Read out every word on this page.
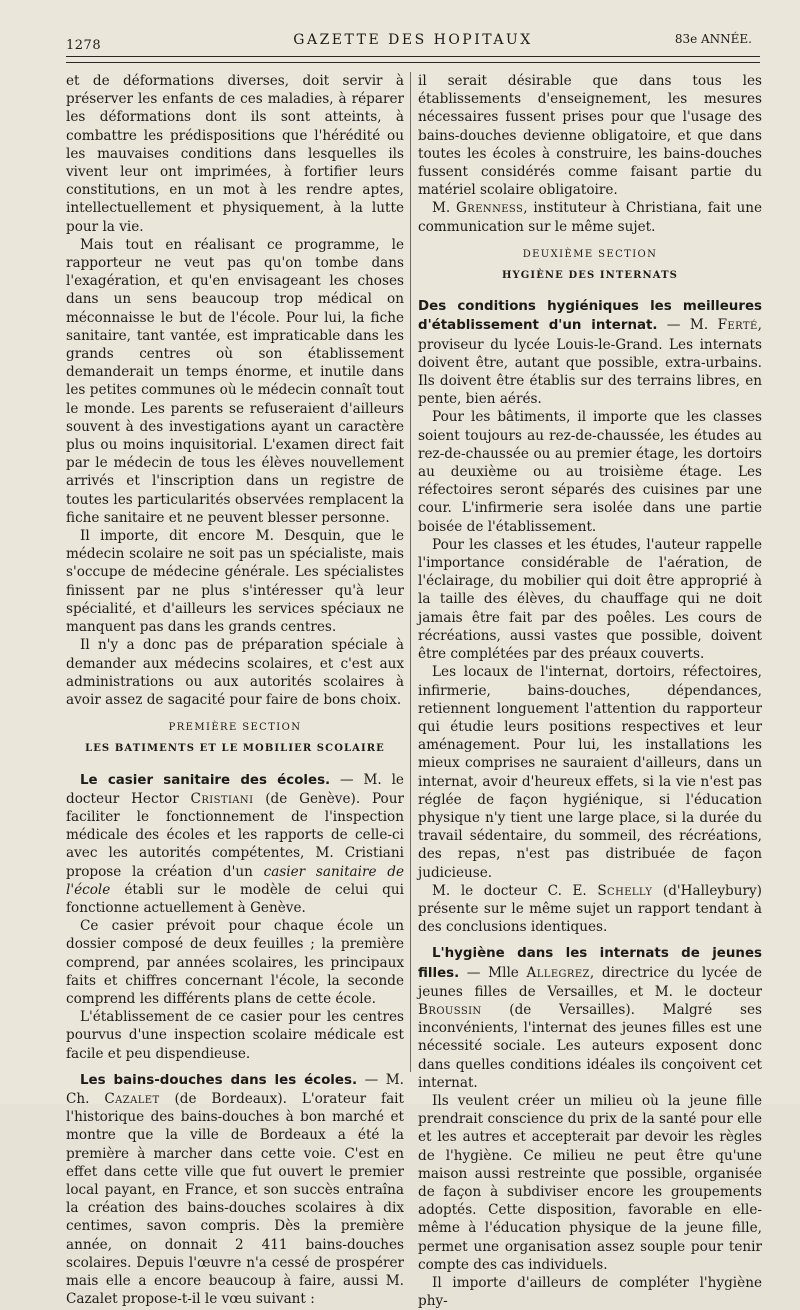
1278	GAZETTE DES HOPITAUX	83e ANNÉE.

et de déformations diverses, doit servir à préserver les enfants de ces maladies, à réparer les déformations dont ils sont atteints, à combattre les prédispositions que l'hérédité ou les mauvaises conditions dans lesquelles ils vivent leur ont imprimées, à fortifier leurs constitutions, en un mot à les rendre aptes, intellectuellement et physiquement, à la lutte pour la vie.

Mais tout en réalisant ce programme, le rapporteur ne veut pas qu'on tombe dans l'exagération, et qu'en envisageant les choses dans un sens beaucoup trop médical on méconnaisse le but de l'école. Pour lui, la fiche sanitaire, tant vantée, est impraticable dans les grands centres où son établissement demanderait un temps énorme, et inutile dans les petites communes où le médecin connaît tout le monde. Les parents se refuseraient d'ailleurs souvent à des investigations ayant un caractère plus ou moins inquisitorial. L'examen direct fait par le médecin de tous les élèves nouvellement arrivés et l'inscription dans un registre de toutes les particularités observées remplacent la fiche sanitaire et ne peuvent blesser personne.

Il importe, dit encore M. Desquin, que le médecin scolaire ne soit pas un spécialiste, mais s'occupe de médecine générale. Les spécialistes finissent par ne plus s'intéresser qu'à leur spécialité, et d'ailleurs les services spéciaux ne manquent pas dans les grands centres.

Il n'y a donc pas de préparation spéciale à demander aux médecins scolaires, et c'est aux administrations ou aux autorités scolaires à avoir assez de sagacité pour faire de bons choix.

PREMIÈRE SECTION
LES BATIMENTS ET LE MOBILIER SCOLAIRE

Le casier sanitaire des écoles. — M. le docteur Hector Cristiani (de Genève). Pour faciliter le fonctionnement de l'inspection médicale des écoles et les rapports de celle-ci avec les autorités compétentes, M. Cristiani propose la création d'un casier sanitaire de l'école établi sur le modèle de celui qui fonctionne actuellement à Genève.

Ce casier prévoit pour chaque école un dossier composé de deux feuilles ; la première comprend, par années scolaires, les principaux faits et chiffres concernant l'école, la seconde comprend les différents plans de cette école.

L'établissement de ce casier pour les centres pourvus d'une inspection scolaire médicale est facile et peu dispendieuse.

Les bains-douches dans les écoles. — M. Ch. Cazalet (de Bordeaux). L'orateur fait l'historique des bains-douches à bon marché et montre que la ville de Bordeaux a été la première à marcher dans cette voie. C'est en effet dans cette ville que fut ouvert le premier local payant, en France, et son succès entraîna la création des bains-douches scolaires à dix centimes, savon compris. Dès la première année, on donnait 2 411 bains-douches scolaires. Depuis l'œuvre n'a cessé de prospérer mais elle a encore beaucoup à faire, aussi M. Cazalet propose-t-il le vœu suivant :

il serait désirable que dans tous les établissements d'enseignement, les mesures nécessaires fussent prises pour que l'usage des bains-douches devienne obligatoire, et que dans toutes les écoles à construire, les bains-douches fussent considérés comme faisant partie du matériel scolaire obligatoire.

M. Grenness, instituteur à Christiana, fait une communication sur le même sujet.

DEUXIÈME SECTION
HYGIÈNE DES INTERNATS

Des conditions hygiéniques les meilleures d'établissement d'un internat. — M. Ferté, proviseur du lycée Louis-le-Grand. Les internats doivent être, autant que possible, extra-urbains. Ils doivent être établis sur des terrains libres, en pente, bien aérés.

Pour les bâtiments, il importe que les classes soient toujours au rez-de-chaussée, les études au rez-de-chaussée ou au premier étage, les dortoirs au deuxième ou au troisième étage. Les réfectoires seront séparés des cuisines par une cour. L'infirmerie sera isolée dans une partie boisée de l'établissement.

Pour les classes et les études, l'auteur rappelle l'importance considérable de l'aération, de l'éclairage, du mobilier qui doit être approprié à la taille des élèves, du chauffage qui ne doit jamais être fait par des poêles. Les cours de récréations, aussi vastes que possible, doivent être complétées par des préaux couverts.

Les locaux de l'internat, dortoirs, réfectoires, infirmerie, bains-douches, dépendances, retiennent longuement l'attention du rapporteur qui étudie leurs positions respectives et leur aménagement. Pour lui, les installations les mieux comprises ne sauraient d'ailleurs, dans un internat, avoir d'heureux effets, si la vie n'est pas réglée de façon hygiénique, si l'éducation physique n'y tient une large place, si la durée du travail sédentaire, du sommeil, des récréations, des repas, n'est pas distribuée de façon judicieuse.

M. le docteur C. E. Schelly (d'Halleybury) présente sur le même sujet un rapport tendant à des conclusions identiques.

L'hygiène dans les internats de jeunes filles. — Mlle Allegrez, directrice du lycée de jeunes filles de Versailles, et M. le docteur Broussin (de Versailles). Malgré ses inconvénients, l'internat des jeunes filles est une nécessité sociale. Les auteurs exposent donc dans quelles conditions idéales ils conçoivent cet internat.

Ils veulent créer un milieu où la jeune fille prendrait conscience du prix de la santé pour elle et les autres et accepterait par devoir les règles de l'hygiène. Ce milieu ne peut être qu'une maison aussi restreinte que possible, organisée de façon à subdiviser encore les groupements adoptés. Cette disposition, favorable en elle-même à l'éducation physique de la jeune fille, permet une organisation assez souple pour tenir compte des cas individuels.

Il importe d'ailleurs de compléter l'hygiène phy-
